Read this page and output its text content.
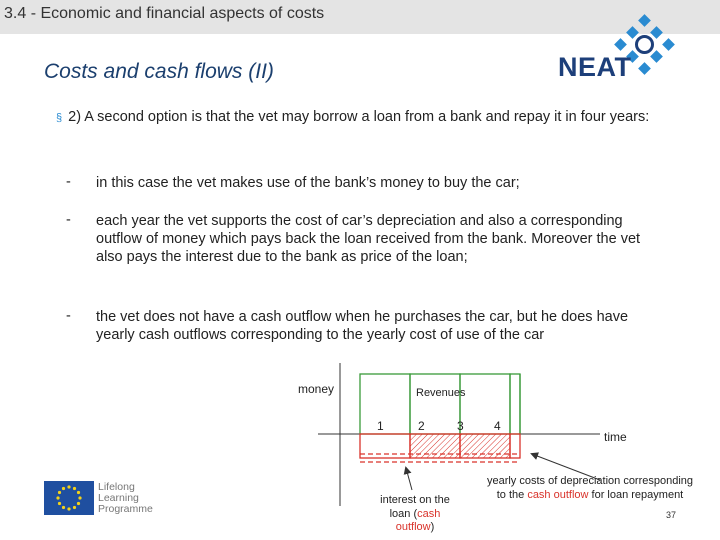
3.4 - Economic and financial aspects of costs
Costs and cash flows (II)	NEAT
§ 2) A second option is that the vet may borrow a loan from a bank and repay it in four years:
- in this case the vet makes use of the bank’s money to buy the car;
- each year the vet supports the cost of car’s depreciation and also a corresponding outflow of money which pays back the loan received from the bank. Moreover the vet also pays the interest due to the bank as price of the loan;
- the vet does not have a cash outflow when he purchases the car, but he does have yearly cash outflows corresponding to the yearly cost of use of the car
money
time
Revenues
1	2	3	4
interest on the loan (cash outflow)
yearly costs of depreciation corresponding to the cash outflow for loan repayment
Lifelong
Learning
Programme	37
